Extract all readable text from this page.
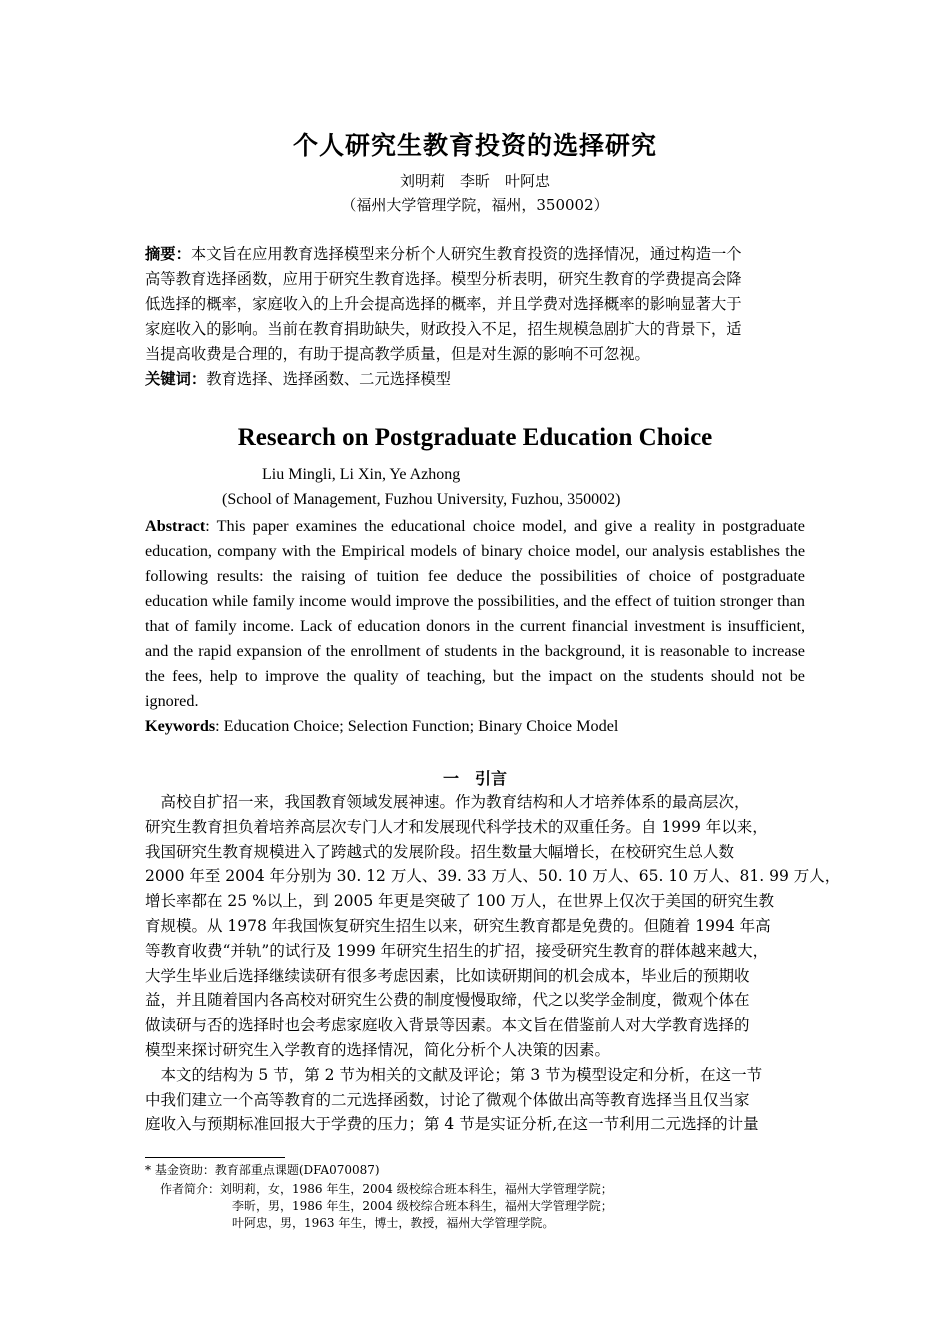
个人研究生教育投资的选择研究
刘明莉　李昕　叶阿忠
（福州大学管理学院，福州，350002）

摘要：本文旨在应用教育选择模型来分析个人研究生教育投资的选择情况，通过构造一个

高等教育选择函数，应用于研究生教育选择。模型分析表明，研究生教育的学费提高会降

低选择的概率，家庭收入的上升会提高选择的概率，并且学费对选择概率的影响显著大于

家庭收入的影响。当前在教育捐助缺失，财政投入不足，招生规模急剧扩大的背景下，适

当提高收费是合理的，有助于提高教学质量，但是对生源的影响不可忽视。

关键词：教育选择、选择函数、二元选择模型

Research on Postgraduate Education Choice
Liu Mingli, Li Xin, Ye Azhong
(School of Management, Fuzhou University, Fuzhou, 350002)

Abstract: This paper examines the educational choice model, and give a reality in postgraduate education, company with the Empirical models of binary choice model, our analysis establishes the following results: the raising of tuition fee deduce the possibilities of choice of postgraduate education while family income would improve the possibilities, and the effect of tuition stronger than that of family income. Lack of education donors in the current financial investment is insufficient, and the rapid expansion of the enrollment of students in the background, it is reasonable to increase the fees, help to improve the quality of teaching, but the impact on the students should not be ignored.

Keywords: Education Choice; Selection Function; Binary Choice Model

一　引言
　高校自扩招一来，我国教育领域发展神速。作为教育结构和人才培养体系的最高层次，
研究生教育担负着培养高层次专门人才和发展现代科学技术的双重任务。自 1999 年以来，
我国研究生教育规模进入了跨越式的发展阶段。招生数量大幅增长，在校研究生总人数
2000 年至 2004 年分别为 30. 12 万人、39. 33 万人、50. 10 万人、65. 10 万人、81. 99 万人，
增长率都在 25 %以上，到 2005 年更是突破了 100 万人，在世界上仅次于美国的研究生教
育规模。从 1978 年我国恢复研究生招生以来，研究生教育都是免费的。但随着 1994 年高
等教育收费“并轨”的试行及 1999 年研究生招生的扩招，接受研究生教育的群体越来越大，
大学生毕业后选择继续读研有很多考虑因素，比如读研期间的机会成本，毕业后的预期收
益，并且随着国内各高校对研究生公费的制度慢慢取缔，代之以奖学金制度，微观个体在
做读研与否的选择时也会考虑家庭收入背景等因素。本文旨在借鉴前人对大学教育选择的
模型来探讨研究生入学教育的选择情况，简化分析个人决策的因素。
　本文的结构为 5 节，第 2 节为相关的文献及评论；第 3 节为模型设定和分析，在这一节
中我们建立一个高等教育的二元选择函数，讨论了微观个体做出高等教育选择当且仅当家
庭收入与预期标准回报大于学费的压力；第 4 节是实证分析,在这一节利用二元选择的计量
* 基金资助：教育部重点课题(DFA070087)
作者简介：刘明莉，女，1986 年生，2004 级校综合班本科生，福州大学管理学院；
李昕，男，1986 年生，2004 级校综合班本科生，福州大学管理学院；
叶阿忠，男，1963 年生，博士，教授，福州大学管理学院。
